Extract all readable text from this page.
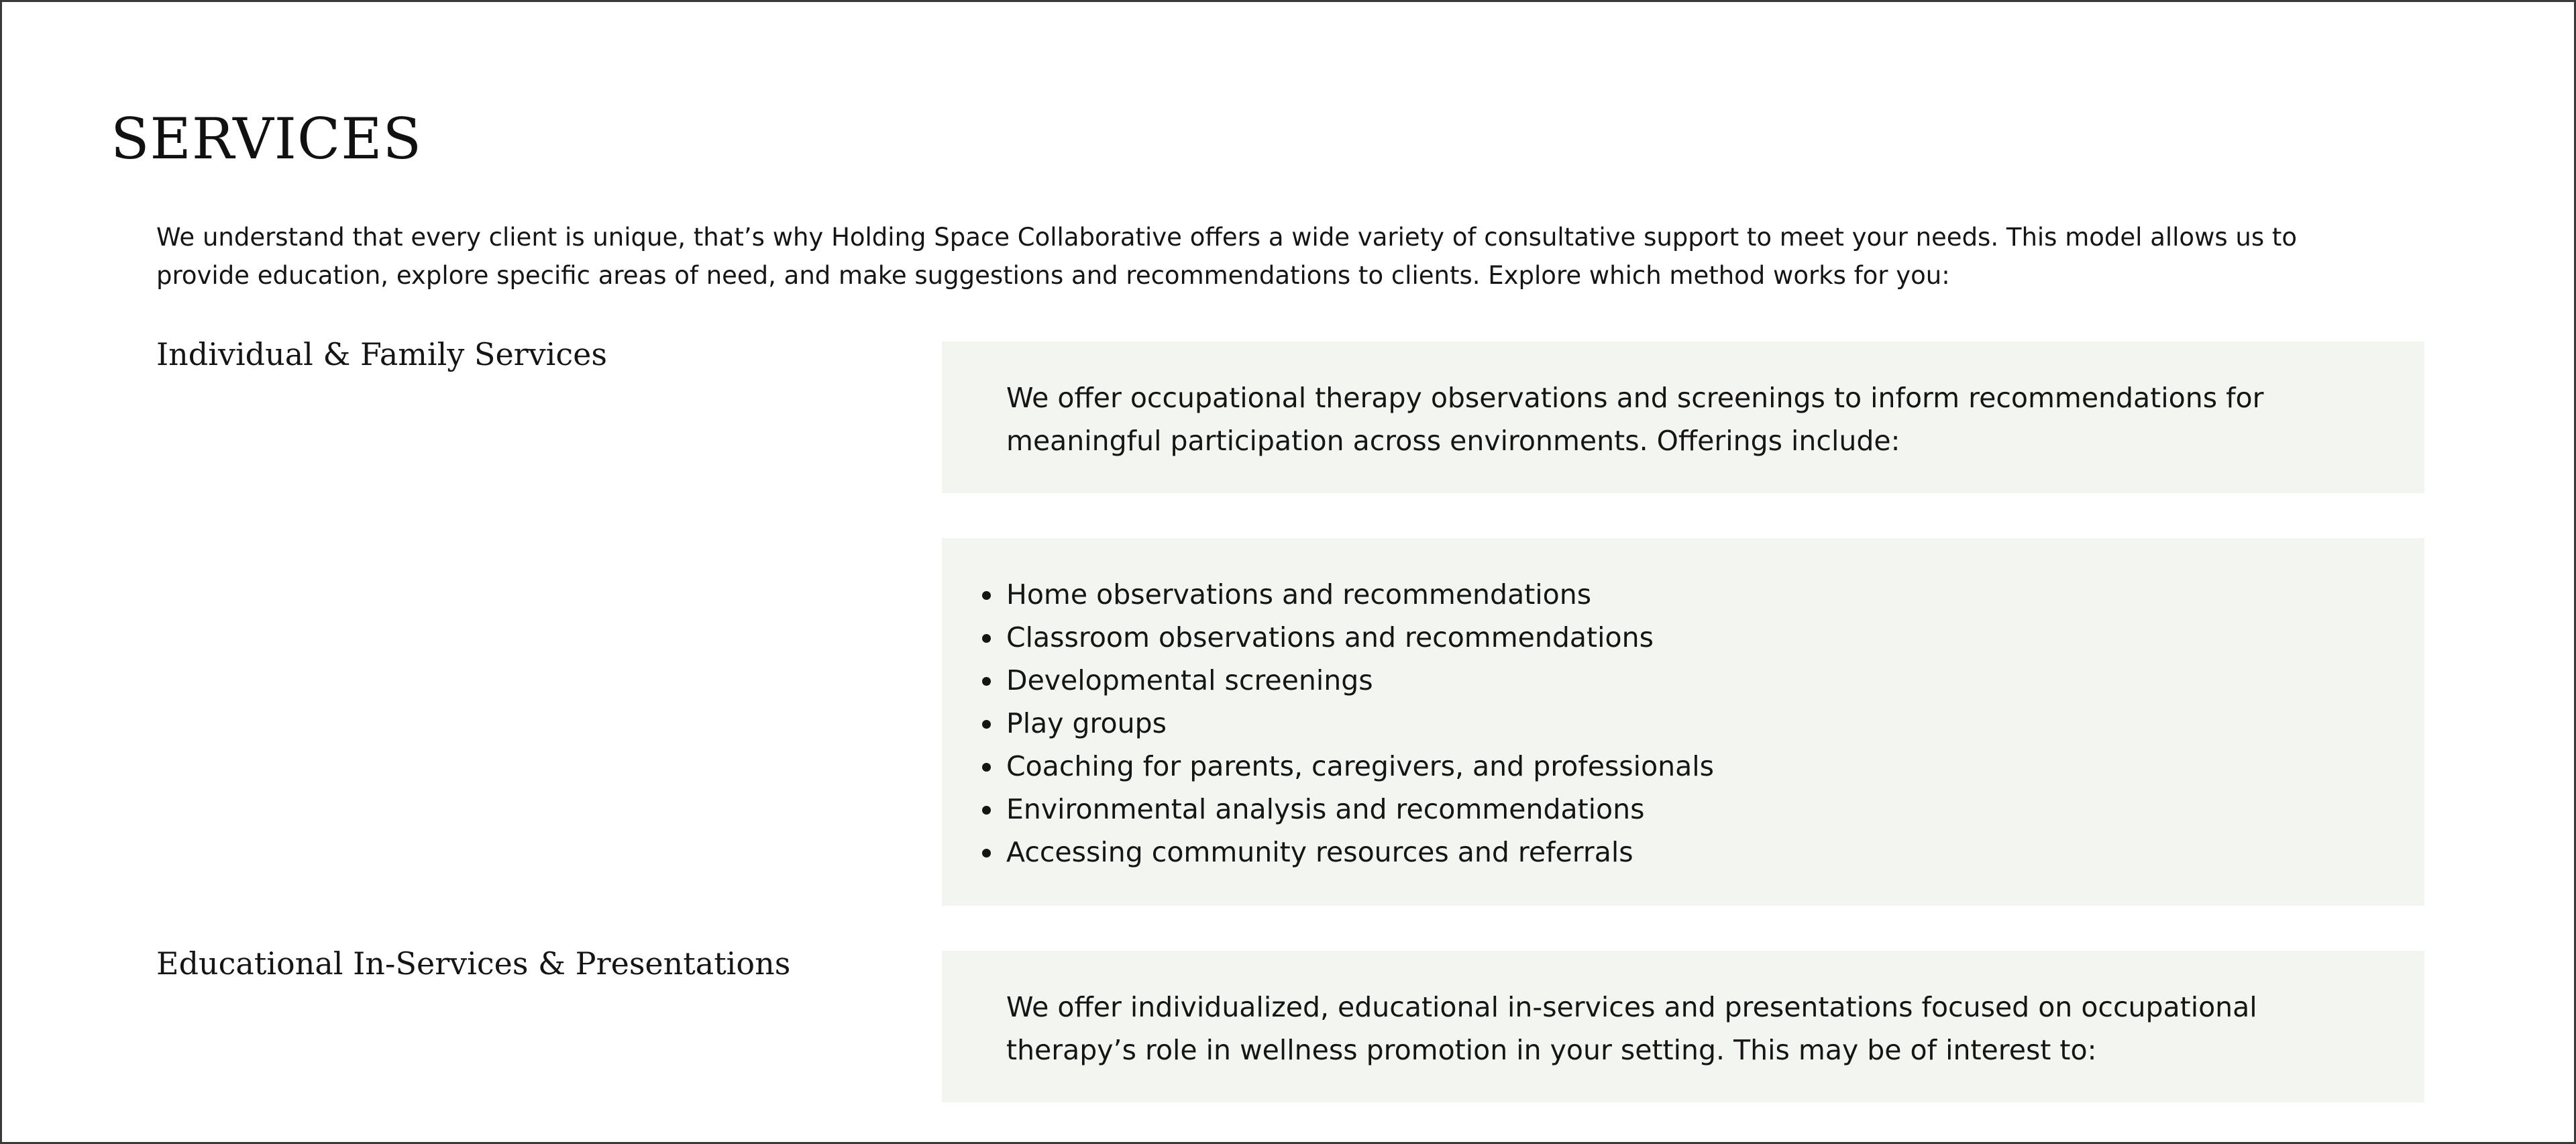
SERVICES

We understand that every client is unique, that’s why Holding Space Collaborative offers a wide variety of consultative support to meet your needs. This model allows us to provide education, explore specific areas of need, and make suggestions and recommendations to clients. Explore which method works for you:

Individual & Family Services

We offer occupational therapy observations and screenings to inform recommendations for meaningful participation across environments. Offerings include:

Home observations and recommendations
Classroom observations and recommendations
Developmental screenings
Play groups
Coaching for parents, caregivers, and professionals
Environmental analysis and recommendations
Accessing community resources and referrals
Educational In-Services & Presentations

We offer individualized, educational in-services and presentations focused on occupational therapy’s role in wellness promotion in your setting. This may be of interest to:
